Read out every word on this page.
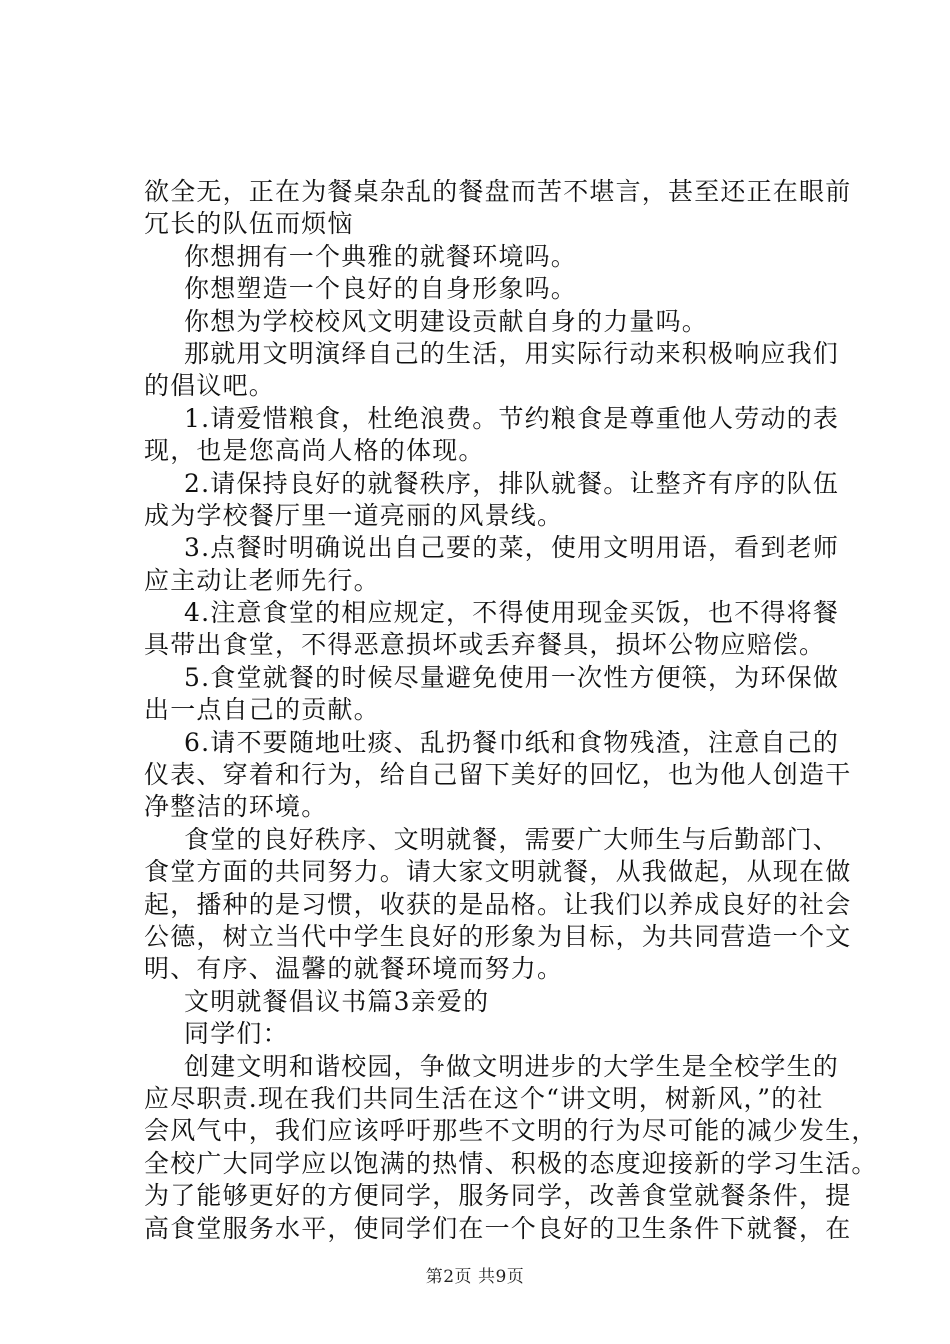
欲全无，正在为餐桌杂乱的餐盘而苦不堪言，甚至还正在眼前
冗长的队伍而烦恼
你想拥有一个典雅的就餐环境吗。
你想塑造一个良好的自身形象吗。
你想为学校校风文明建设贡献自身的力量吗。
那就用文明演绎自己的生活，用实际行动来积极响应我们
的倡议吧。
1.请爱惜粮食，杜绝浪费。节约粮食是尊重他人劳动的表
现，也是您高尚人格的体现。
2.请保持良好的就餐秩序，排队就餐。让整齐有序的队伍
成为学校餐厅里一道亮丽的风景线。
3.点餐时明确说出自己要的菜，使用文明用语，看到老师
应主动让老师先行。
4.注意食堂的相应规定，不得使用现金买饭，也不得将餐
具带出食堂，不得恶意损坏或丢弃餐具，损坏公物应赔偿。
5.食堂就餐的时候尽量避免使用一次性方便筷，为环保做
出一点自己的贡献。
6.请不要随地吐痰、乱扔餐巾纸和食物残渣，注意自己的
仪表、穿着和行为，给自己留下美好的回忆，也为他人创造干
净整洁的环境。
食堂的良好秩序、文明就餐，需要广大师生与后勤部门、
食堂方面的共同努力。请大家文明就餐，从我做起，从现在做
起，播种的是习惯，收获的是品格。让我们以养成良好的社会
公德，树立当代中学生良好的形象为目标，为共同营造一个文
明、有序、温馨的就餐环境而努力。
文明就餐倡议书篇3亲爱的
同学们：
创建文明和谐校园，争做文明进步的大学生是全校学生的
应尽职责.现在我们共同生活在这个“讲文明，树新风，”的社
会风气中，我们应该呼吁那些不文明的行为尽可能的减少发生，
全校广大同学应以饱满的热情、积极的态度迎接新的学习生活。
为了能够更好的方便同学，服务同学，改善食堂就餐条件，提
高食堂服务水平，使同学们在一个良好的卫生条件下就餐，在
第2页 共9页
